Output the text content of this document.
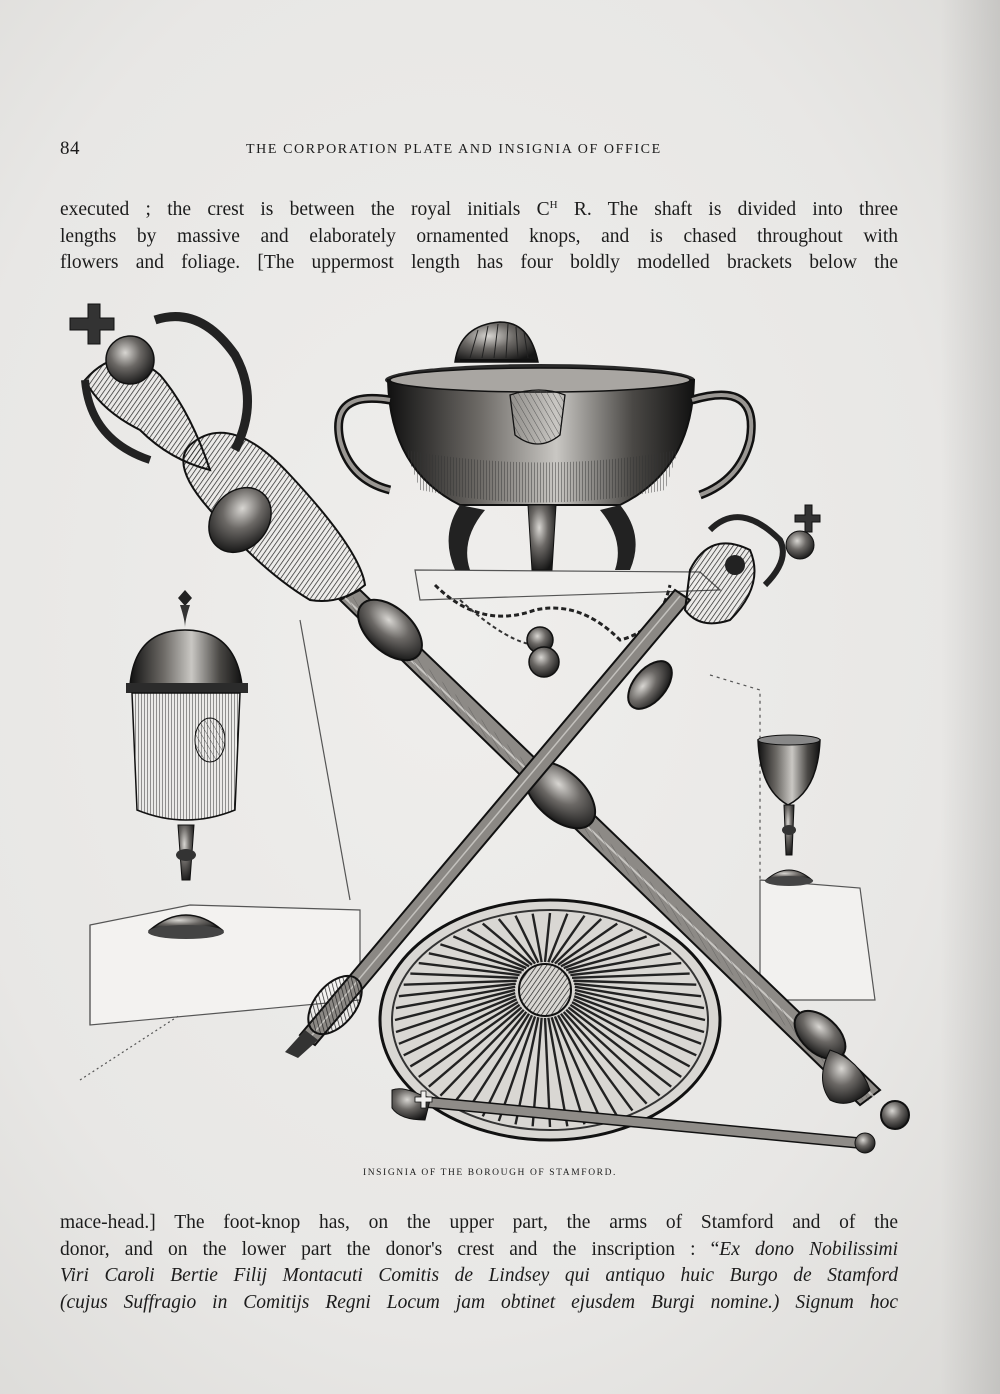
84	THE CORPORATION PLATE AND INSIGNIA OF OFFICE
executed ; the crest is between the royal initials $C^H$ R. The shaft is divided into three
lengths by massive and elaborately ornamented knops, and is chased throughout with
flowers and foliage. [The uppermost length has four boldly modelled brackets below the
INSIGNIA OF THE BOROUGH OF STAMFORD.
mace-head.] The foot-knop has, on the upper part, the arms of Stamford and of the
donor, and on the lower part the donor's crest and the inscription : “Ex dono Nobilissimi
Viri Caroli Bertie Filij Montacuti Comitis de Lindsey qui antiquo huic Burgo de Stamford
(cujus Suffragio in Comitijs Regni Locum jam obtinet ejusdem Burgi nomine.) Signum hoc
